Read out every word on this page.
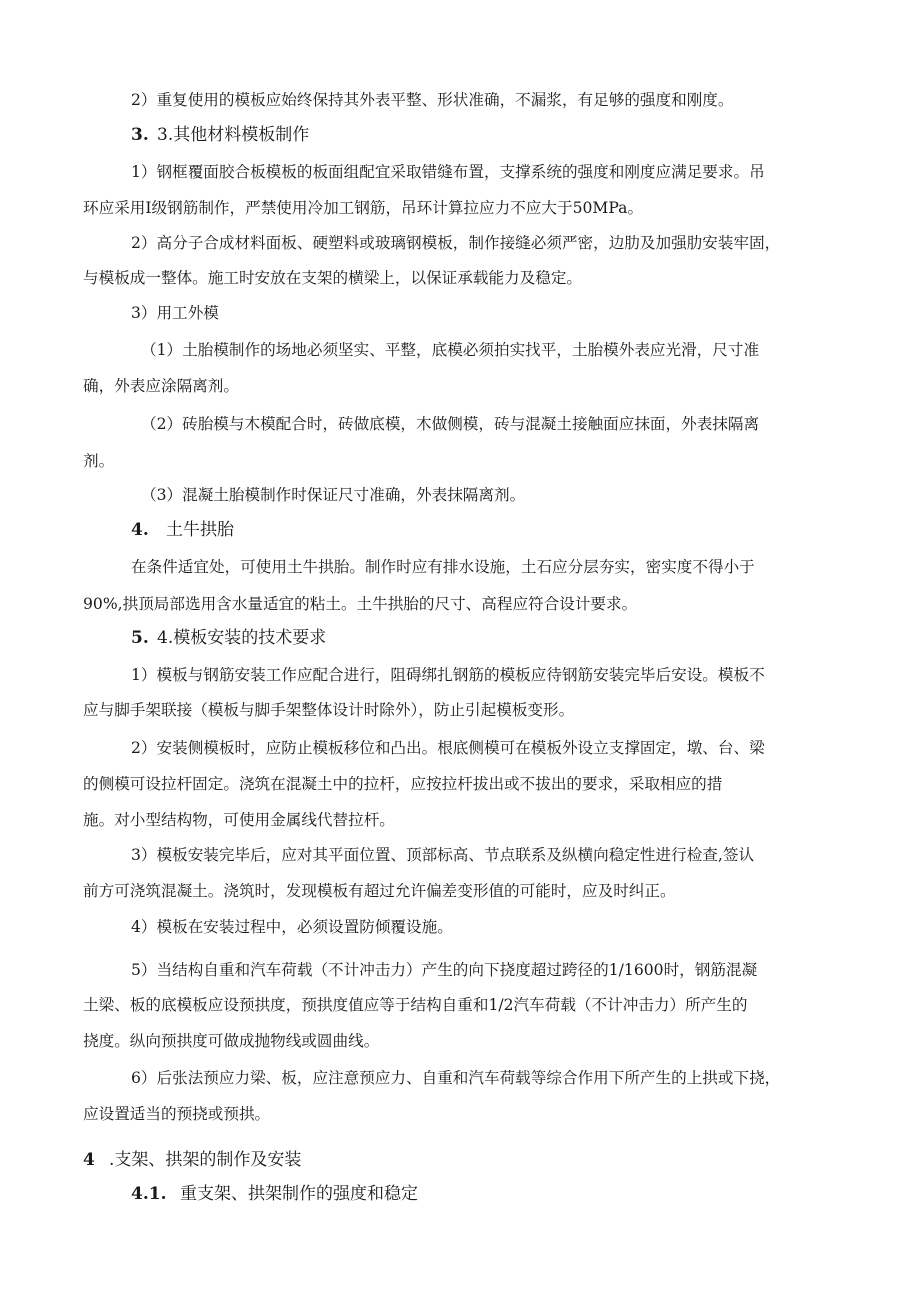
2）重复使用的模板应始终保持其外表平整、形状准确，不漏浆，有足够的强度和刚度。
3. 3.其他材料模板制作
1）钢框覆面胶合板模板的板面组配宜采取错缝布置，支撑系统的强度和刚度应满足要求。吊
环应采用Ⅰ级钢筋制作，严禁使用冷加工钢筋，吊环计算拉应力不应大于50MPa。
2）高分子合成材料面板、硬塑料或玻璃钢模板，制作接缝必须严密，边肋及加强肋安装牢固，
与模板成一整体。施工时安放在支架的横梁上，以保证承载能力及稳定。
3）用工外模
（1）土胎模制作的场地必须坚实、平整，底模必须拍实找平，土胎模外表应光滑，尺寸准
确，外表应涂隔离剂。
（2）砖胎模与木模配合时，砖做底模，木做侧模，砖与混凝土接触面应抹面，外表抹隔离
剂。
（3）混凝土胎模制作时保证尺寸准确，外表抹隔离剂。
4. 土牛拱胎
在条件适宜处，可使用土牛拱胎。制作时应有排水设施，土石应分层夯实，密实度不得小于
90%,拱顶局部选用含水量适宜的粘土。土牛拱胎的尺寸、高程应符合设计要求。
5. 4.模板安装的技术要求
1）模板与钢筋安装工作应配合进行，阻碍绑扎钢筋的模板应待钢筋安装完毕后安设。模板不
应与脚手架联接（模板与脚手架整体设计时除外），防止引起模板变形。
2）安装侧模板时，应防止模板移位和凸出。根底侧模可在模板外设立支撑固定，墩、台、梁
的侧模可设拉杆固定。浇筑在混凝土中的拉杆，应按拉杆拔出或不拔出的要求，采取相应的措
施。对小型结构物，可使用金属线代替拉杆。
3）模板安装完毕后，应对其平面位置、顶部标高、节点联系及纵横向稳定性进行检查,签认
前方可浇筑混凝土。浇筑时，发现模板有超过允许偏差变形值的可能时，应及时纠正。
4）模板在安装过程中，必须设置防倾覆设施。
5）当结构自重和汽车荷载（不计冲击力）产生的向下挠度超过跨径的1/1600时，钢筋混凝
土梁、板的底模板应设预拱度，预拱度值应等于结构自重和1/2汽车荷载（不计冲击力）所产生的
挠度。纵向预拱度可做成抛物线或圆曲线。
6）后张法预应力梁、板，应注意预应力、自重和汽车荷载等综合作用下所产生的上拱或下挠，
应设置适当的预挠或预拱。
4 .支架、拱架的制作及安装
4.1. 重支架、拱架制作的强度和稳定
